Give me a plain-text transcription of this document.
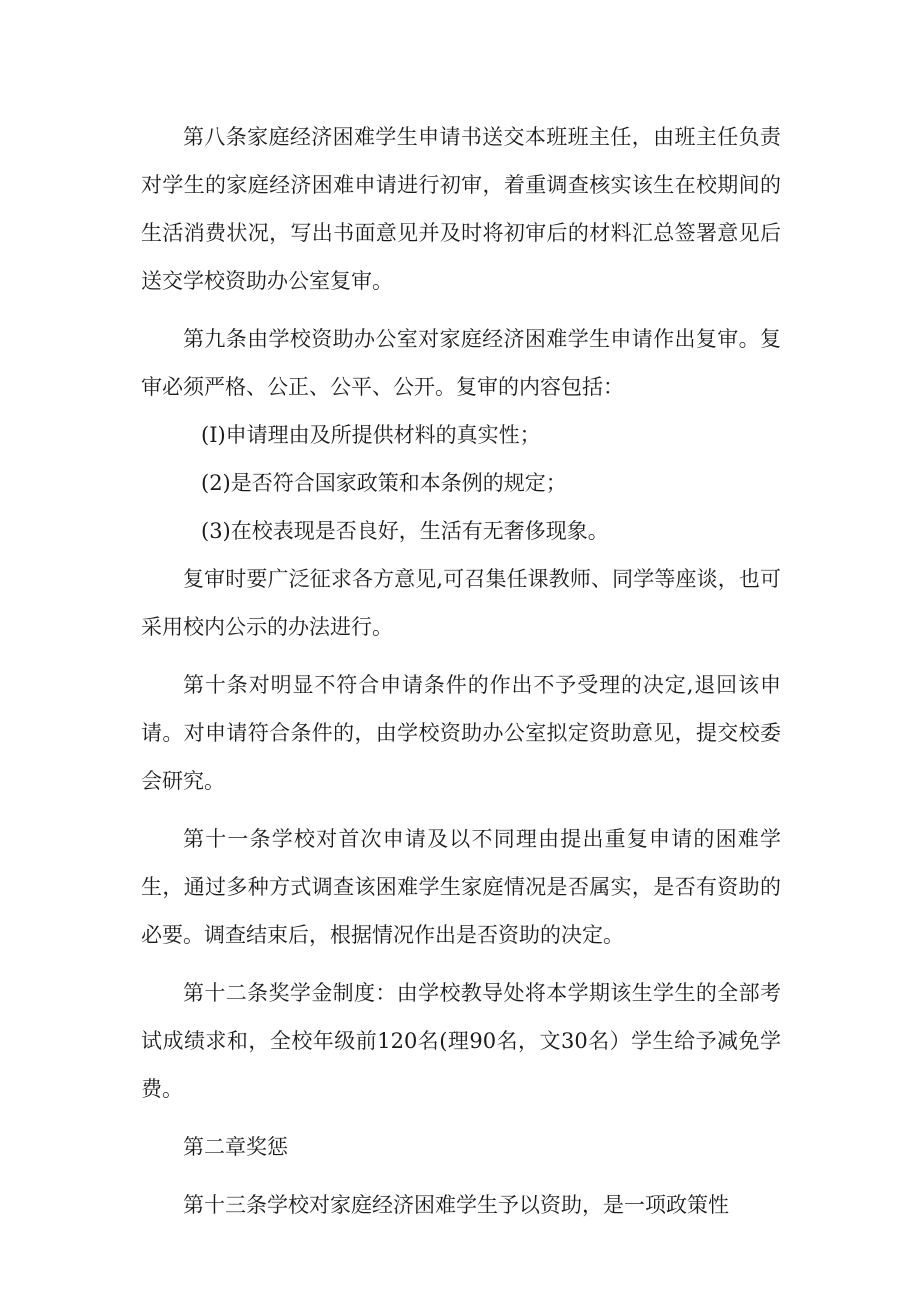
第八条家庭经济困难学生申请书送交本班班主任，由班主任负责对学生的家庭经济困难申请进行初审，着重调查核实该生在校期间的生活消费状况，写出书面意见并及时将初审后的材料汇总签署意见后送交学校资助办公室复审。

第九条由学校资助办公室对家庭经济困难学生申请作出复审。复审必须严格、公正、公平、公开。复审的内容包括：

(I)申请理由及所提供材料的真实性；

(2)是否符合国家政策和本条例的规定；

(3)在校表现是否良好，生活有无奢侈现象。

复审时要广泛征求各方意见,可召集任课教师、同学等座谈，也可采用校内公示的办法进行。

第十条对明显不符合申请条件的作出不予受理的决定,退回该申请。对申请符合条件的，由学校资助办公室拟定资助意见，提交校委会研究。

第十一条学校对首次申请及以不同理由提出重复申请的困难学生，通过多种方式调查该困难学生家庭情况是否属实，是否有资助的必要。调查结束后，根据情况作出是否资助的决定。

第十二条奖学金制度：由学校教导处将本学期该生学生的全部考试成绩求和，全校年级前120名(理90名，文30名）学生给予减免学费。

第二章奖惩

第十三条学校对家庭经济困难学生予以资助，是一项政策性
